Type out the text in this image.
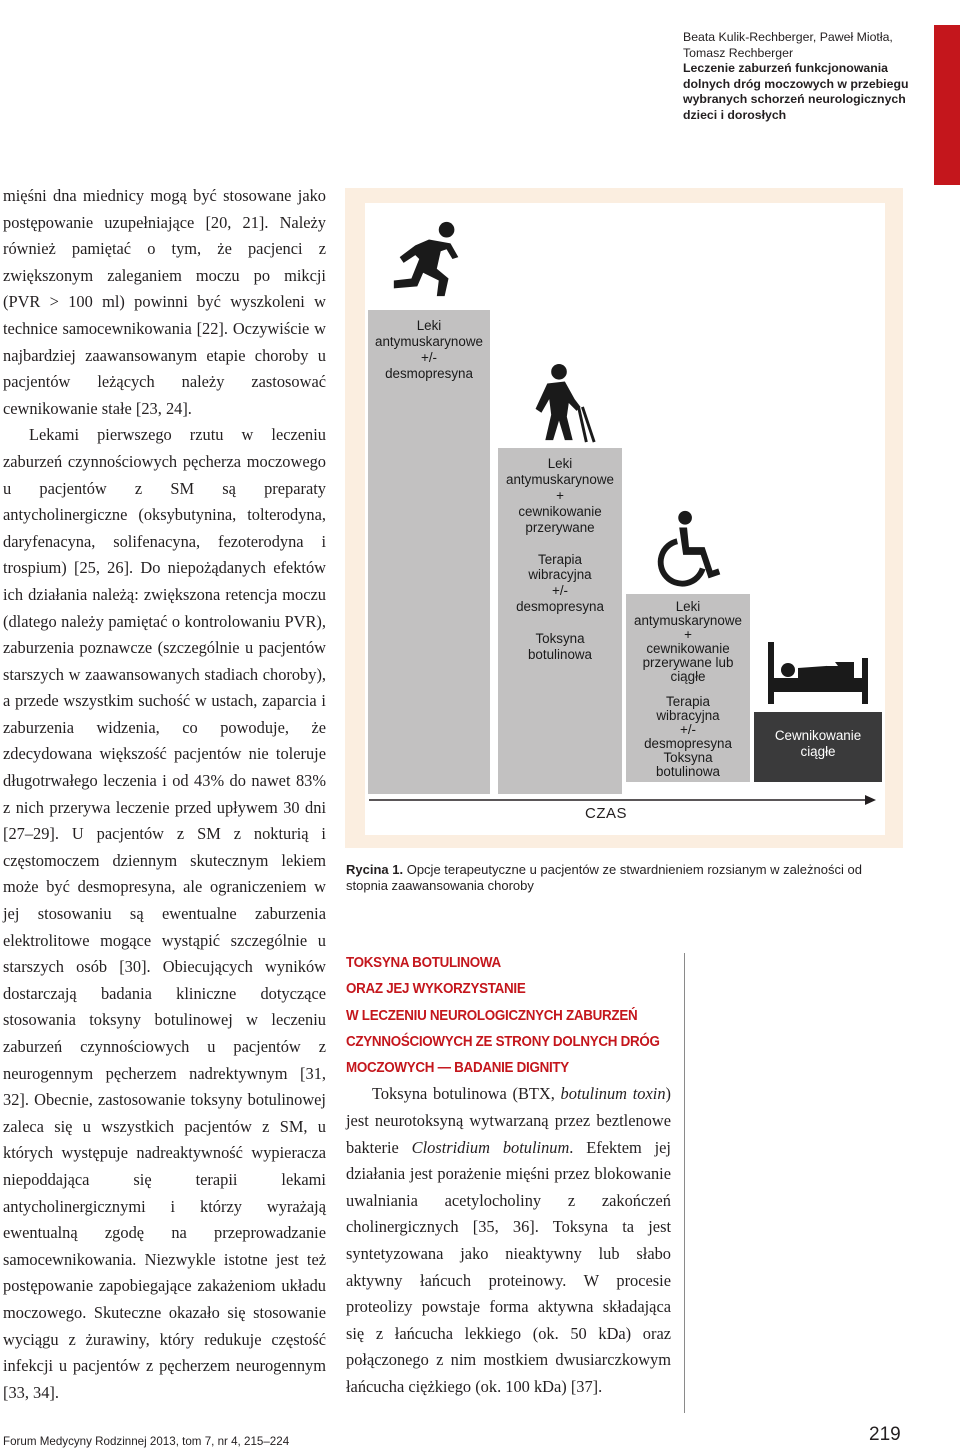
Beata Kulik-Rechberger, Paweł Miotła,
Tomasz Rechberger
Leczenie zaburzeń funkcjonowania
dolnych dróg moczowych w przebiegu
wybranych schorzeń neurologicznych
dzieci i dorosłych

mięśni dna miednicy mogą być stosowane jako postępowanie uzupełniające [20, 21]. Należy również pamiętać o tym, że pacjenci z zwiększonym zaleganiem moczu po mikcji (PVR > 100 ml) powinni być wyszkoleni w technice samocewnikowania [22]. Oczywiście w najbardziej zaawansowanym etapie choroby u pacjentów leżących należy zastosować cewnikowanie stałe [23, 24].

Lekami pierwszego rzutu w leczeniu zaburzeń czynnościowych pęcherza moczowego u pacjentów z SM są preparaty antycholinergiczne (oksybutynina, tolterodyna, daryfenacyna, solifenacyna, fezoterodyna i trospium) [25, 26]. Do niepożądanych efektów ich działania należą: zwiększona retencja moczu (dlatego należy pamiętać o kontrolowaniu PVR), zaburzenia poznawcze (szczególnie u pacjentów starszych w zaawansowanych stadiach choroby), a przede wszystkim suchość w ustach, zaparcia i zaburzenia widzenia, co powoduje, że zdecydowana większość pacjentów nie toleruje długotrwałego leczenia i od 43% do nawet 83% z nich przerywa leczenie przed upływem 30 dni [27–29]. U pacjentów z SM z nokturią i częstomoczem dziennym skutecznym lekiem może być desmopresyna, ale ograniczeniem w jej stosowaniu są ewentualne zaburzenia elektrolitowe mogące wystąpić szczególnie u starszych osób [30]. Obiecujących wyników dostarczają badania kliniczne dotyczące stosowania toksyny botulinowej w leczeniu zaburzeń czynnościowych u pacjentów z neurogennym pęcherzem nadrektywnym [31, 32]. Obecnie, zastosowanie toksyny botulinowej zaleca się u wszystkich pacjentów z SM, u których występuje nadreaktywność wypieracza niepoddająca się terapii lekami antycholinergicznymi i którzy wyrażają ewentualną zgodę na przeprowadzanie samocewnikowania. Niezwykle istotne jest też postępowanie zapobiegające zakażeniom układu moczowego. Skuteczne okazało się stosowanie wyciągu z żurawiny, który redukuje częstość infekcji u pacjentów z pęcherzem neurogennym [33, 34].

Leki
antymuskarynowe
+/-
desmopresyna
Leki
antymuskarynowe
+
cewnikowanie
przerywane
Terapia
wibracyjna
+/-
desmopresyna
Toksyna
botulinowa
Leki
antymuskarynowe
+
cewnikowanie
przerywane lub
ciągłe
Terapia
wibracyjna
+/-
desmopresyna
Toksyna
botulinowa
Cewnikowanie
ciągłe
CZAS
Rycina 1. Opcje terapeutyczne u pacjentów ze stwardnieniem rozsianym w zależności od stopnia zaawansowania choroby
TOKSYNA BOTULINOWA
ORAZ JEJ WYKORZYSTANIE
W LECZENIU NEUROLOGICZNYCH ZABURZEŃ
CZYNNOŚCIOWYCH ZE STRONY DOLNYCH DRÓG
MOCZOWYCH — BADANIE DIGNITY

Toksyna botulinowa (BTX, botulinum toxin) jest neurotoksyną wytwarzaną przez beztlenowe bakterie Clostridium botulinum. Efektem jej działania jest porażenie mięśni przez blokowanie uwalniania acetylocholiny z zakończeń cholinergicznych [35, 36]. Toksyna ta jest syntetyzowana jako nieaktywny lub słabo aktywny łańcuch proteinowy. W procesie proteolizy powstaje forma aktywna składająca się z łańcucha lekkiego (ok. 50 kDa) oraz połączonego z nim mostkiem dwusiarczkowym łańcucha ciężkiego (ok. 100 kDa) [37].

Forum Medycyny Rodzinnej 2013, tom 7, nr 4, 215–224	219
